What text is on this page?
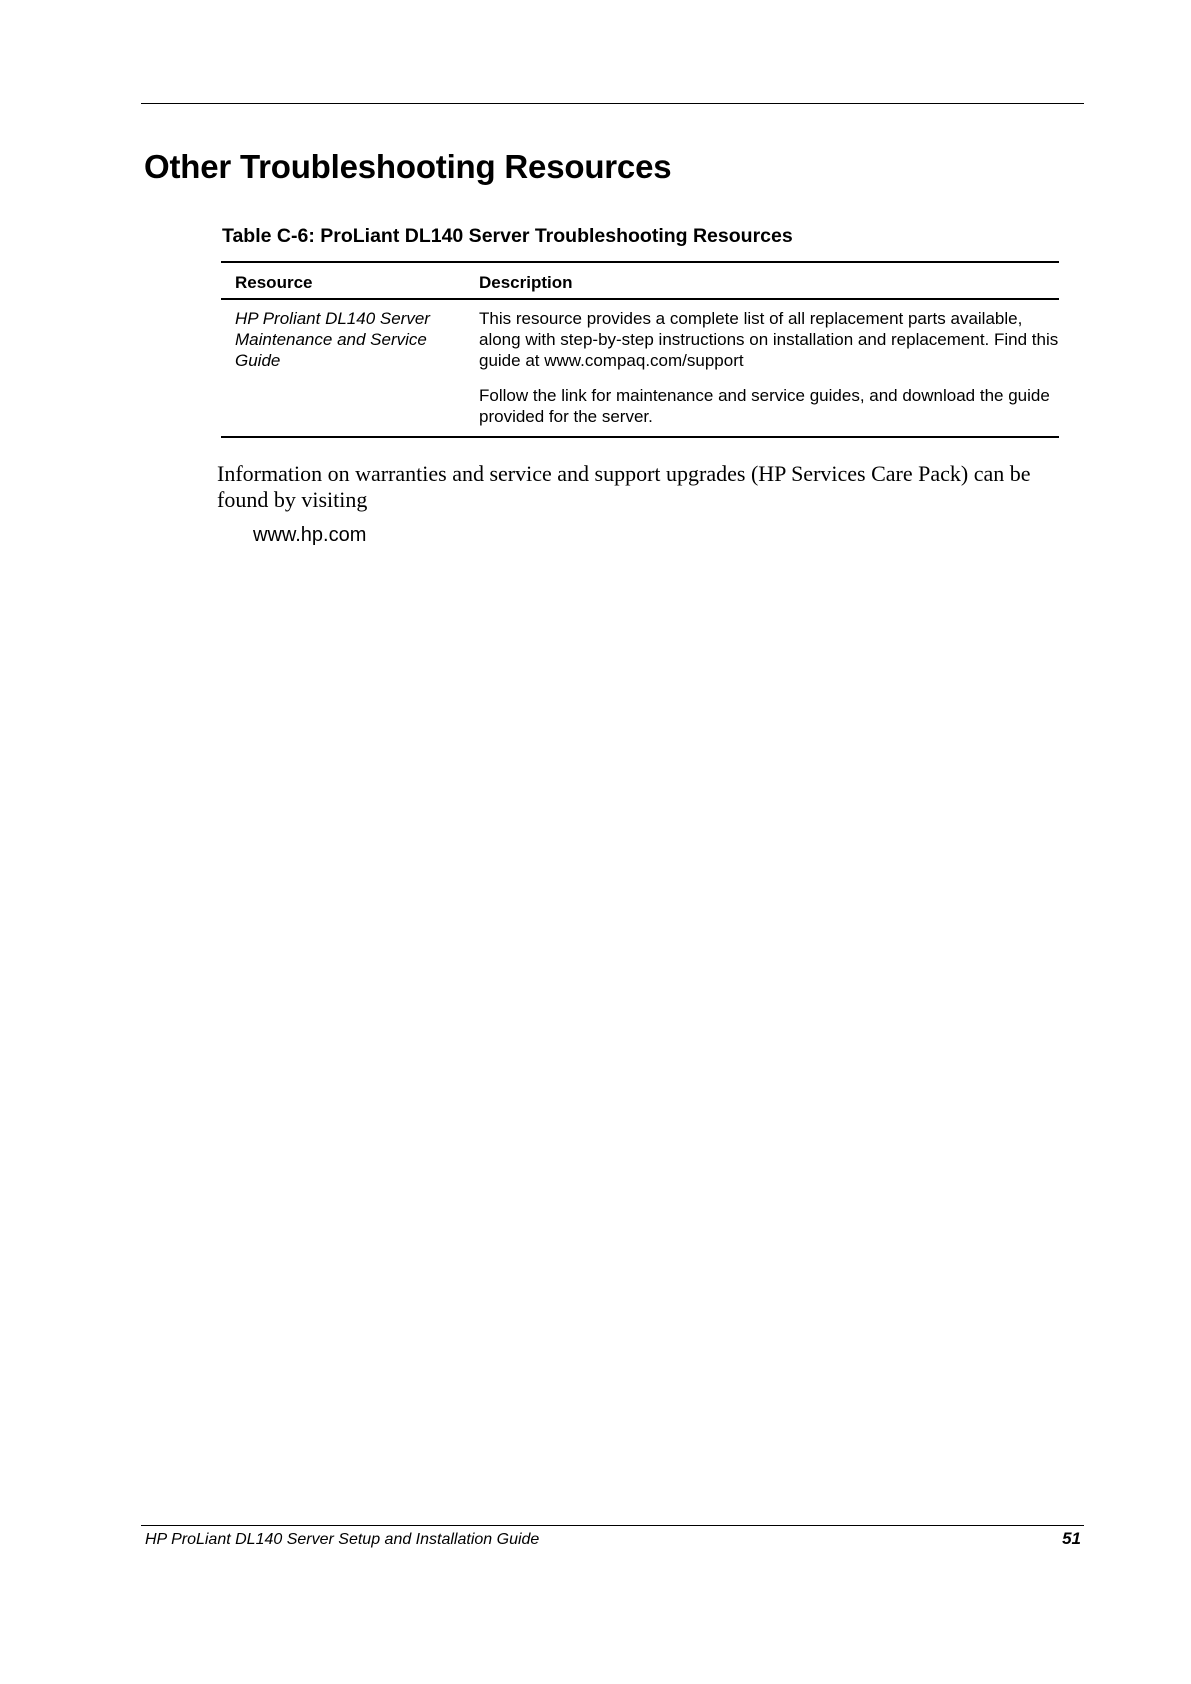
Other Troubleshooting Resources
Table C-6: ProLiant DL140 Server Troubleshooting Resources
Resource	Description
HP Proliant DL140 Server Maintenance and Service Guide	This resource provides a complete list of all replacement parts available, along with step-by-step instructions on installation and replacement. Find this guide at www.compaq.com/support

Follow the link for maintenance and service guides, and download the guide provided for the server.

Information on warranties and service and support upgrades (HP Services Care Pack) can be found by visiting

www.hp.com
HP ProLiant DL140 Server Setup and Installation Guide	51
